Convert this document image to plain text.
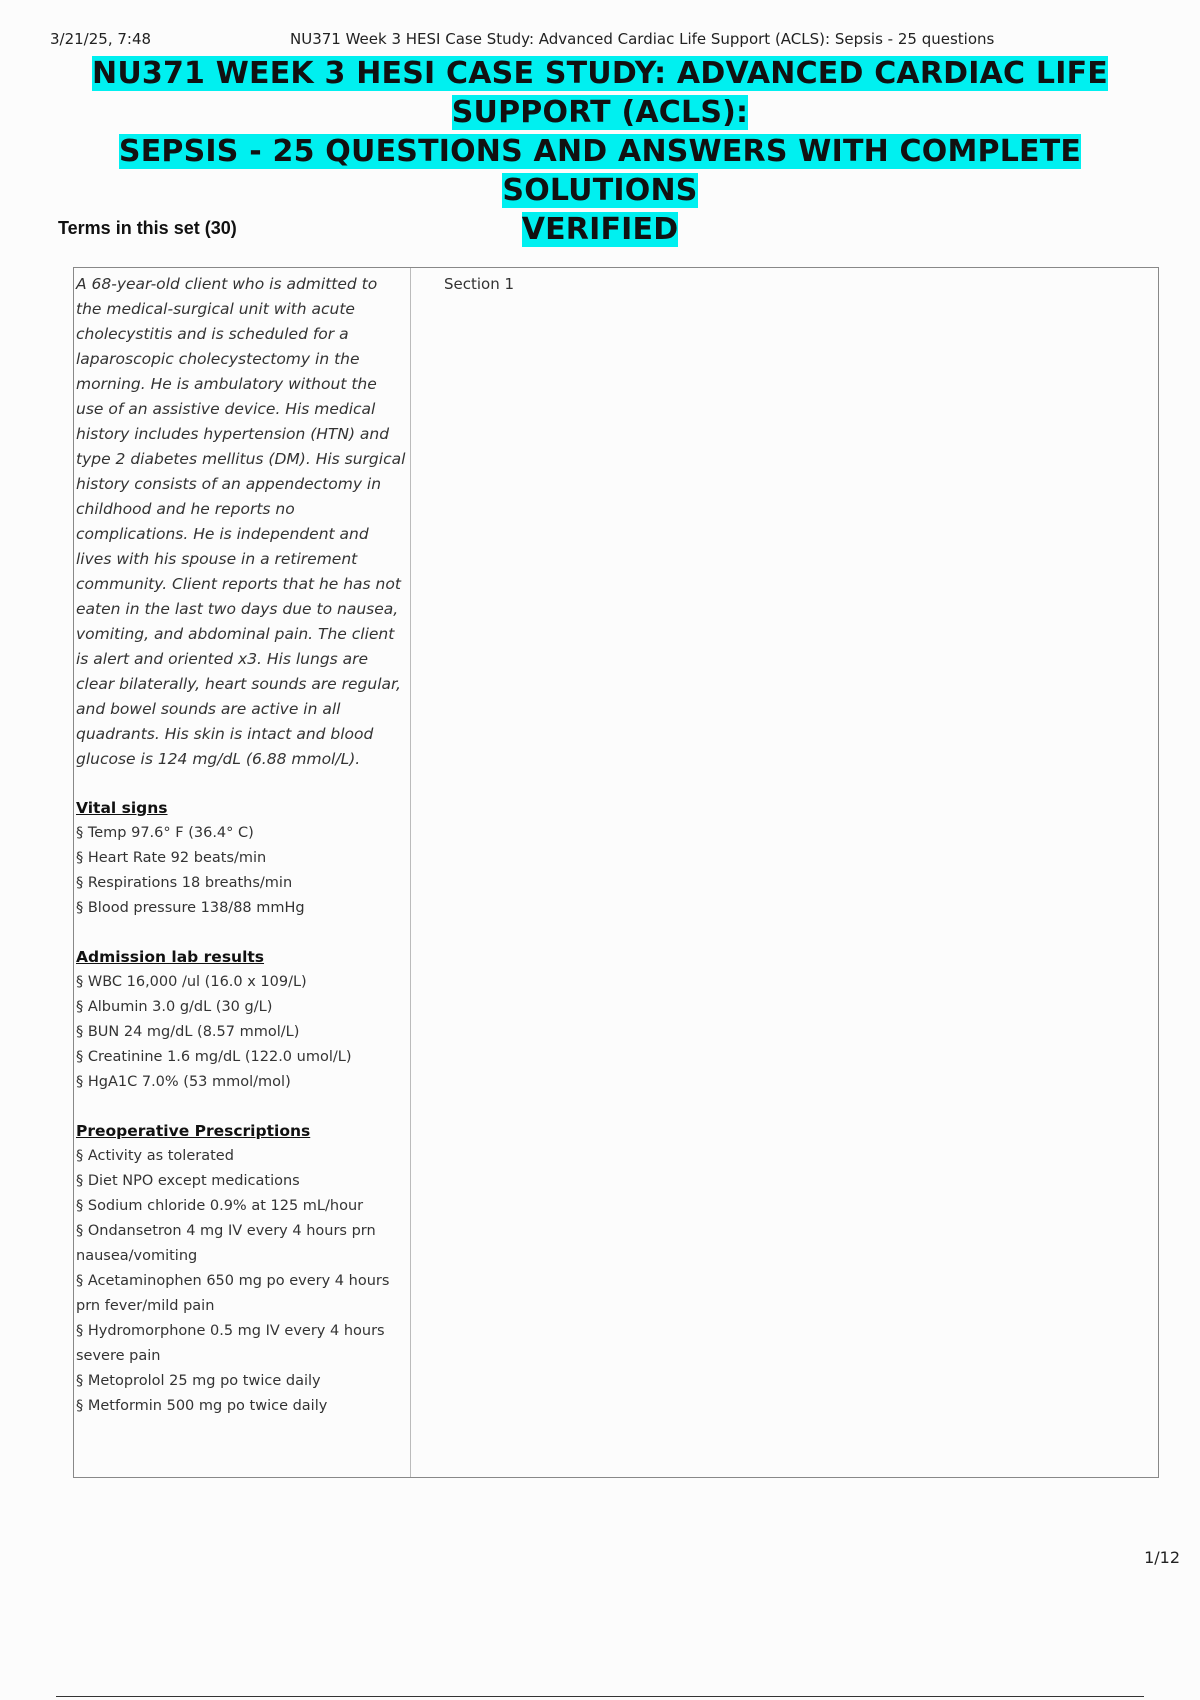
3/21/25, 7:48	NU371 Week 3 HESI Case Study: Advanced Cardiac Life Support (ACLS): Sepsis - 25 questions
NU371 WEEK 3 HESI CASE STUDY: ADVANCED CARDIAC LIFE SUPPORT (ACLS):
SEPSIS - 25 QUESTIONS AND ANSWERS WITH COMPLETE SOLUTIONS
VERIFIED
Terms in this set (30)

A 68-year-old client who is admitted to the medical-surgical unit with acute cholecystitis and is scheduled for a laparoscopic cholecystectomy in the morning. He is ambulatory without the use of an assistive device. His medical history includes hypertension (HTN) and type 2 diabetes mellitus (DM). His surgical history consists of an appendectomy in childhood and he reports no complications. He is independent and lives with his spouse in a retirement community. Client reports that he has not eaten in the last two days due to nausea, vomiting, and abdominal pain. The client is alert and oriented x3. His lungs are clear bilaterally, heart sounds are regular, and bowel sounds are active in all quadrants. His skin is intact and blood glucose is 124 mg/dL (6.88 mmol/L).

Vital signs

§ Temp 97.6° F (36.4° C)

§ Heart Rate 92 beats/min

§ Respirations 18 breaths/min

§ Blood pressure 138/88 mmHg

Admission lab results

§ WBC 16,000 /ul (16.0 x 109/L)

§ Albumin 3.0 g/dL (30 g/L)

§ BUN 24 mg/dL (8.57 mmol/L)

§ Creatinine 1.6 mg/dL (122.0 umol/L)

§ HgA1C 7.0% (53 mmol/mol)

Preoperative Prescriptions

§ Activity as tolerated

§ Diet NPO except medications

§ Sodium chloride 0.9% at 125 mL/hour

§ Ondansetron 4 mg IV every 4 hours prn nausea/vomiting

§ Acetaminophen 650 mg po every 4 hours prn fever/mild pain

§ Hydromorphone 0.5 mg IV every 4 hours severe pain

§ Metoprolol 25 mg po twice daily

§ Metformin 500 mg po twice daily

Section 1
1/12
